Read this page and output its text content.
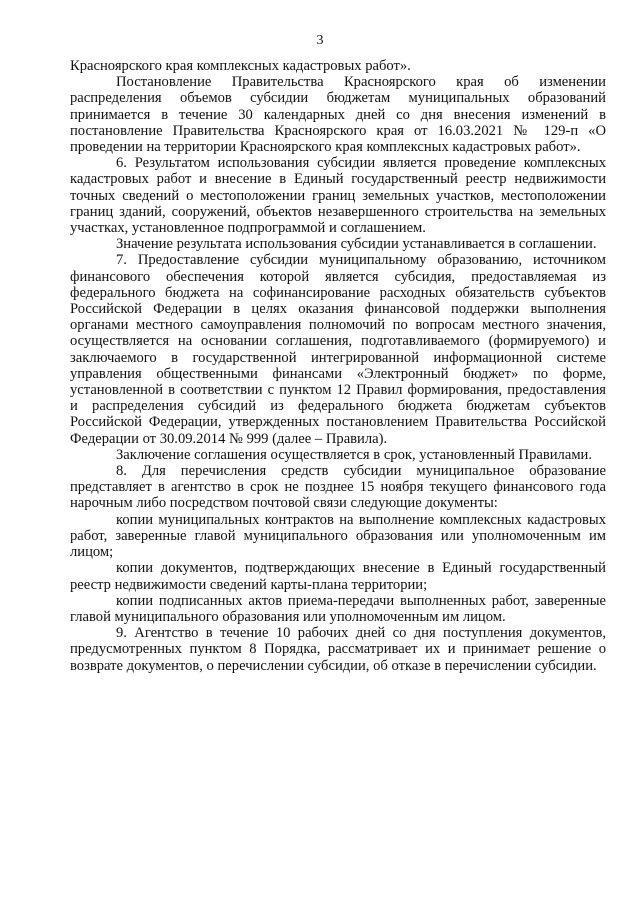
3

Красноярского края комплексных кадастровых работ».

Постановление Правительства Красноярского края об изменении распределения объемов субсидии бюджетам муниципальных образований принимается в течение 30 календарных дней со дня внесения изменений в постановление Правительства Красноярского края от 16.03.2021 № 129-п «О проведении на территории Красноярского края комплексных кадастровых работ».

6. Результатом использования субсидии является проведение комплексных кадастровых работ и внесение в Единый государственный реестр недвижимости точных сведений о местоположении границ земельных участков, местоположении границ зданий, сооружений, объектов незавершенного строительства на земельных участках, установленное подпрограммой и соглашением.

Значение результата использования субсидии устанавливается в соглашении.

7. Предоставление субсидии муниципальному образованию, источником финансового обеспечения которой является субсидия, предоставляемая из федерального бюджета на софинансирование расходных обязательств субъектов Российской Федерации в целях оказания финансовой поддержки выполнения органами местного самоуправления полномочий по вопросам местного значения, осуществляется на основании соглашения, подготавливаемого (формируемого) и заключаемого в государственной интегрированной информационной системе управления общественными финансами «Электронный бюджет» по форме, установленной в соответствии с пунктом 12 Правил формирования, предоставления и распределения субсидий из федерального бюджета бюджетам субъектов Российской Федерации, утвержденных постановлением Правительства Российской Федерации от 30.09.2014 № 999 (далее – Правила).

Заключение соглашения осуществляется в срок, установленный Правилами.

8. Для перечисления средств субсидии муниципальное образование представляет в агентство в срок не позднее 15 ноября текущего финансового года нарочным либо посредством почтовой связи следующие документы:

копии муниципальных контрактов на выполнение комплексных кадастровых работ, заверенные главой муниципального образования или уполномоченным им лицом;

копии документов, подтверждающих внесение в Единый государственный реестр недвижимости сведений карты-плана территории;

копии подписанных актов приема-передачи выполненных работ, заверенные главой муниципального образования или уполномоченным им лицом.

9. Агентство в течение 10 рабочих дней со дня поступления документов, предусмотренных пунктом 8 Порядка, рассматривает их и принимает решение о возврате документов, о перечислении субсидии, об отказе в перечислении субсидии.
